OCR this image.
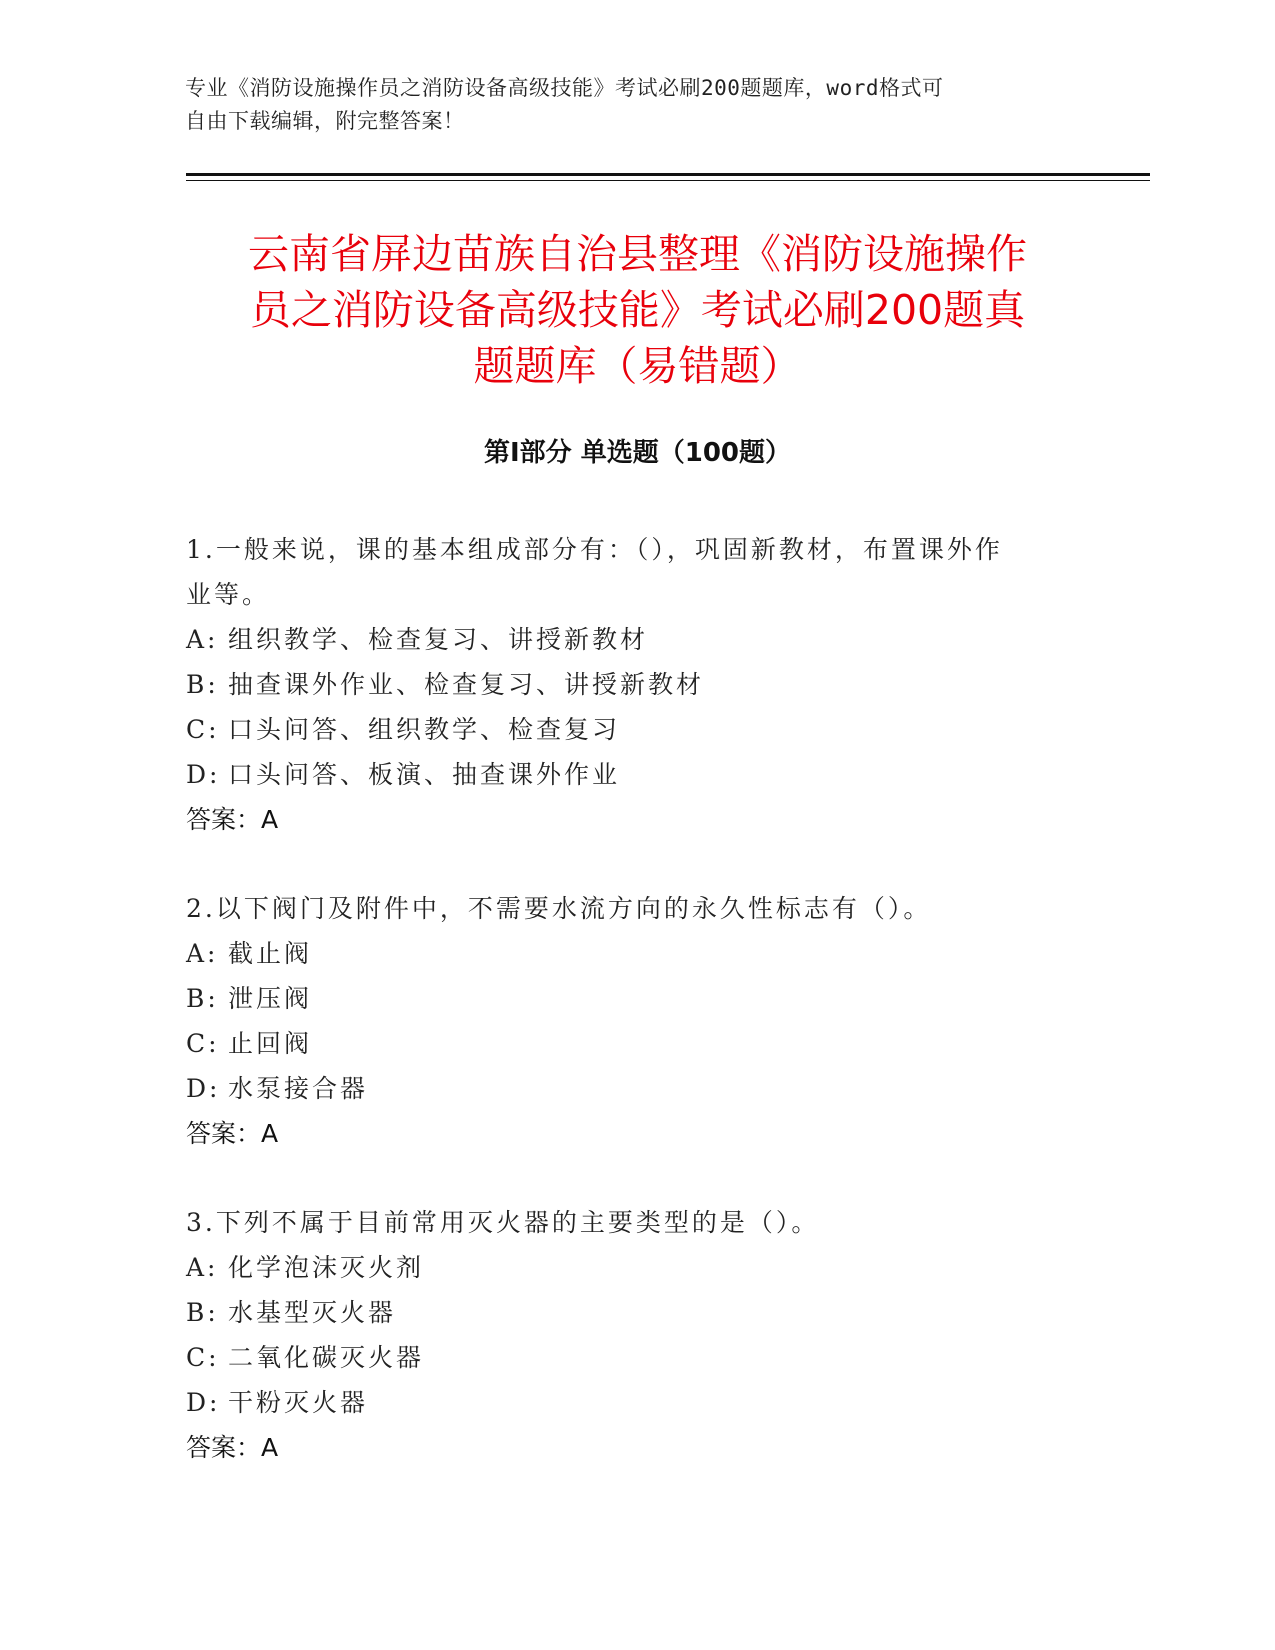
专业《消防设施操作员之消防设备高级技能》考试必刷200题题库，word格式可
自由下载编辑，附完整答案！
云南省屏边苗族自治县整理《消防设施操作
员之消防设备高级技能》考试必刷200题真
题题库（易错题）
第Ⅰ部分 单选题（100题）
1.一般来说，课的基本组成部分有：（），巩固新教材，布置课外作
业等。
A: 组织教学、检查复习、讲授新教材
B: 抽查课外作业、检查复习、讲授新教材
C: 口头问答、组织教学、检查复习
D: 口头问答、板演、抽查课外作业
答案：A
2.以下阀门及附件中，不需要水流方向的永久性标志有（）。
A: 截止阀
B: 泄压阀
C: 止回阀
D: 水泵接合器
答案：A
3.下列不属于目前常用灭火器的主要类型的是（）。
A: 化学泡沫灭火剂
B: 水基型灭火器
C: 二氧化碳灭火器
D: 干粉灭火器
答案：A
